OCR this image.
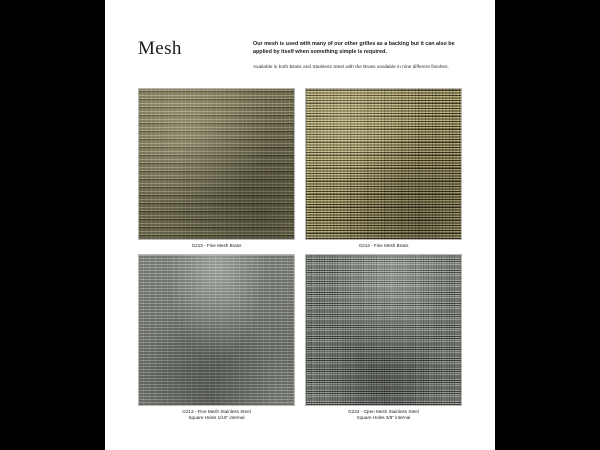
Mesh	Our mesh is used with many of our other grilles as a backing but it can also be applied by itself when something simple is required.
Available in both Brass and Stainless Steel with the Brass available in nine different finishes.
G213 - Fine Mesh Brass	G214 - Fine Mesh Brass
G213 - Fine Mesh Stainless Steel
Square Holes 1/16" internal
G234 - Open Mesh Stainless Steel
Square Holes 3/8" internal
